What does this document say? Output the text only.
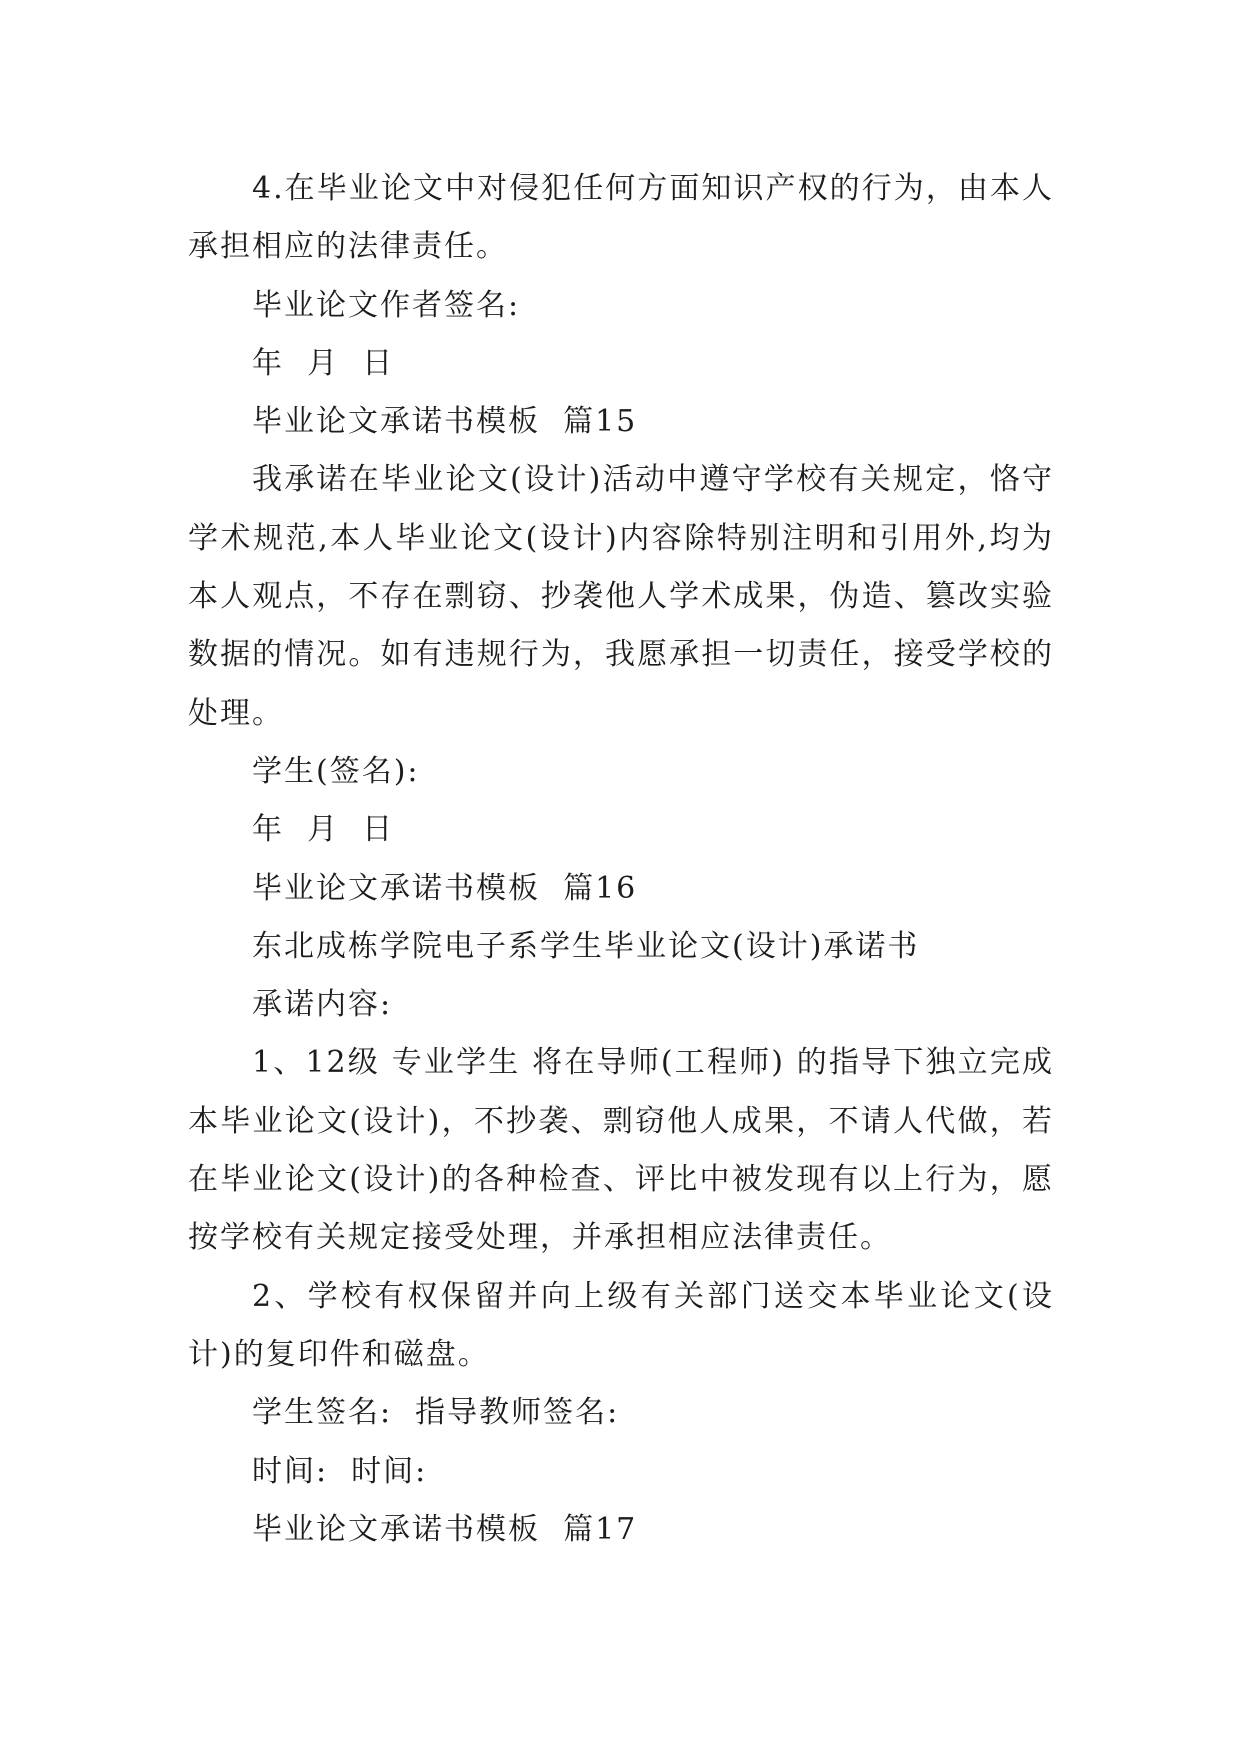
4.在毕业论文中对侵犯任何方面知识产权的行为，由本人承担相应的法律责任。

毕业论文作者签名:

年  月  日

毕业论文承诺书模板  篇15

我承诺在毕业论文(设计)活动中遵守学校有关规定，恪守学术规范,本人毕业论文(设计)内容除特别注明和引用外,均为本人观点，不存在剽窃、抄袭他人学术成果，伪造、篡改实验数据的情况。如有违规行为，我愿承担一切责任，接受学校的处理。

学生(签名):

年  月  日

毕业论文承诺书模板  篇16

东北成栋学院电子系学生毕业论文(设计)承诺书

承诺内容:

1、12级 专业学生 将在导师(工程师) 的指导下独立完成本毕业论文(设计)，不抄袭、剽窃他人成果，不请人代做，若在毕业论文(设计)的各种检查、评比中被发现有以上行为，愿按学校有关规定接受处理，并承担相应法律责任。

2、学校有权保留并向上级有关部门送交本毕业论文(设计)的复印件和磁盘。

学生签名:  指导教师签名:

时间:  时间:

毕业论文承诺书模板  篇17
